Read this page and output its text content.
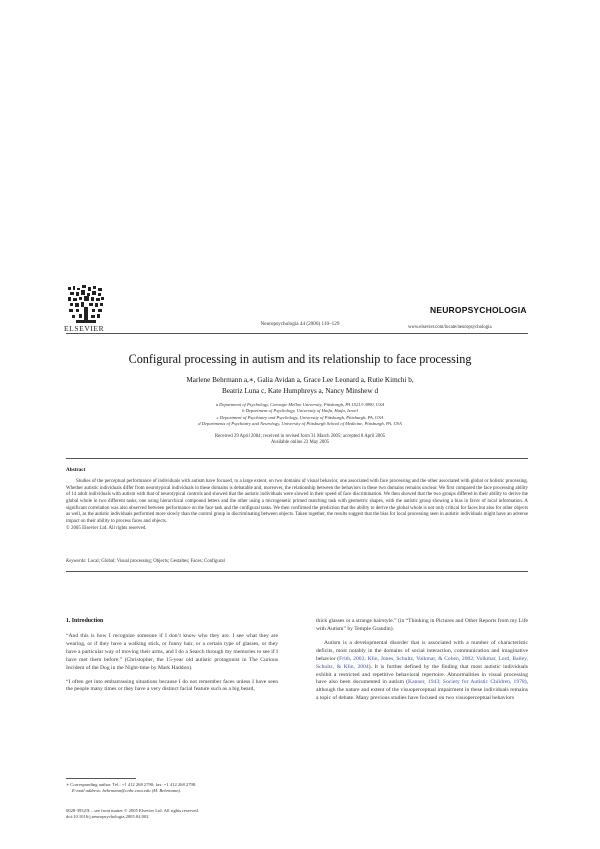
ELSEVIER	Neuropsychologia 44 (2006) 110–129
NEUROPSYCHOLOGIA
www.elsevier.com/locate/neuropsychologia
Configural processing in autism and its relationship to face processing
Marlene Behrmann a,∗, Galia Avidan a, Grace Lee Leonard a, Rutie Kimchi b,
Beatriz Luna c, Kate Humphreys a, Nancy Minshew d
a Department of Psychology, Carnegie Mellon University, Pittsburgh, PA 15213-3890, USA
b Department of Psychology, University of Haifa, Haifa, Israel
c Department of Psychiatry and Psychology, University of Pittsburgh, Pittsburgh, PA, USA
d Departments of Psychiatry and Neurology, University of Pittsburgh School of Medicine, Pittsburgh, PA, USA
Received 29 April 2004; received in revised form 31 March 2005; accepted 8 April 2005
Available online 23 May 2005
Abstract

Studies of the perceptual performance of individuals with autism have focused, to a large extent, on two domains of visual behavior, one associated with face processing and the other associated with global or holistic processing. Whether autistic individuals differ from neurotypical individuals in these domains is debatable and, moreover, the relationship between the behaviors in these two domains remains unclear. We first compared the face processing ability of 14 adult individuals with autism with that of neurotypical controls and showed that the autistic individuals were slowed in their speed of face discrimination. We then showed that the two groups differed in their ability to derive the global whole in two different tasks, one using hierarchical compound letters and the other using a microgenetic primed matching task with geometric shapes, with the autistic group showing a bias in favor of local information. A significant correlation was also observed between performance on the face task and the configural tasks. We then confirmed the prediction that the ability to derive the global whole is not only critical for faces but also for other objects as well, as the autistic individuals performed more slowly than the control group in discriminating between objects. Taken together, the results suggest that the bias for local processing seen in autistic individuals might have an adverse impact on their ability to process faces and objects.

© 2005 Elsevier Ltd. All rights reserved.

Keywords: Local; Global; Visual processing; Objects; Gestaltes; Faces; Configural

1. Introduction

“And this is how I recognize someone if I don’t know who they are. I see what they are wearing, or if they have a walking stick, or funny hair, or a certain type of glasses, or they have a particular way of moving their arms, and I do a Search through my memories to see if I have met them before.” (Christopher, the 15-year old autistic protagonist in The Curious Incident of the Dog in the Night-time by Mark Haddon).

“I often get into embarrassing situations because I do not remember faces unless I have seen the people many times or they have a very distinct facial feature such as a big beard,

thick glasses or a strange hairstyle.” (in “Thinking in Pictures and Other Reports from my Life with Autism” by Temple Grandin).

Autism is a developmental disorder that is associated with a number of characteristic deficits, most notably in the domains of social interaction, communication and imaginative behavior (Frith, 2003; Klin, Jones, Schultz, Volkmar, & Cohen, 2002; Volkmar, Lord, Bailey, Schultz, & Klin, 2004). It is further defined by the finding that most autistic individuals exhibit a restricted and repetitive behavioral repertoire. Abnormalities in visual processing have also been documented in autism (Kanner, 1943; Society for Autistic Children, 1978), although the nature and extent of the visuoperceptual impairment in these individuals remains a topic of debate. Many previous studies have focused on two visuoperceptual behaviors

∗ Corresponding author. Tel.: +1 412 268 2790; fax: +1 412 268 2798.
E-mail address: behrmann@cnbc.cmu.edu (M. Behrmann).
0028-3932/$ – see front matter © 2005 Elsevier Ltd. All rights reserved.
doi:10.1016/j.neuropsychologia.2005.04.002
